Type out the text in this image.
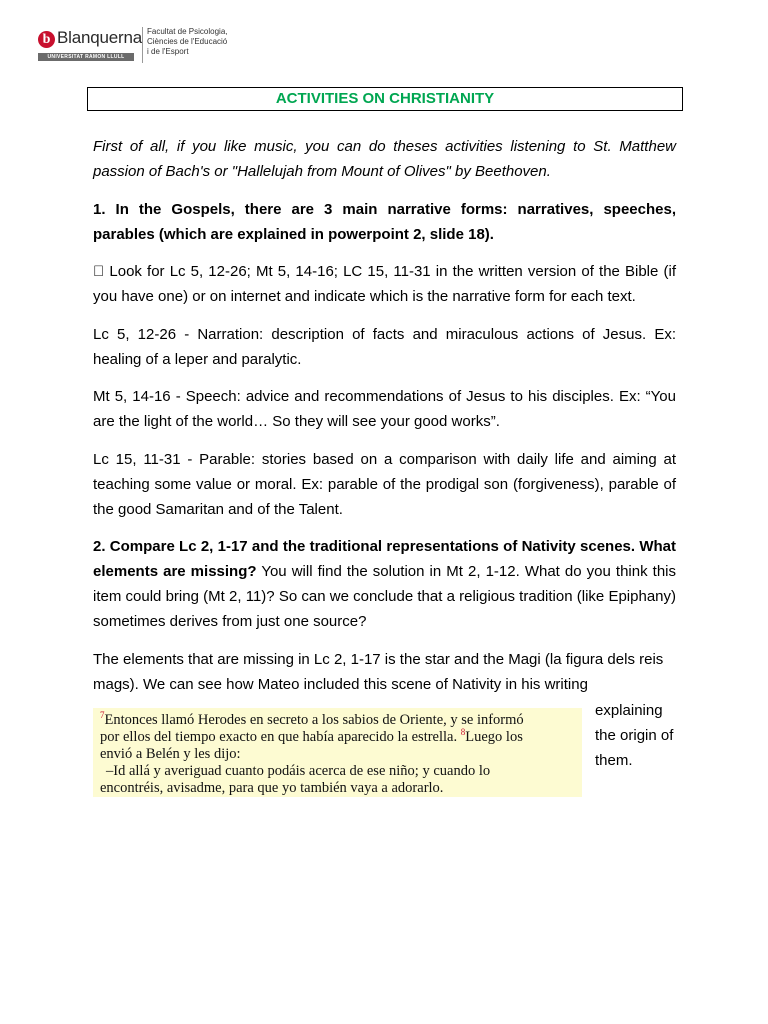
b Blanquerna
UNIVERSITAT RAMON LLULL
Facultat de Psicologia,
Ciències de l'Educació
i de l'Esport
ACTIVITIES ON CHRISTIANITY

First of all, if you like music, you can do theses activities listening to St. Matthew passion of Bach's or "Hallelujah from Mount of Olives" by Beethoven.

1. In the Gospels, there are 3 main narrative forms: narratives, speeches, parables (which are explained in powerpoint 2, slide 18).

Look for Lc 5, 12-26; Mt 5, 14-16; LC 15, 11-31 in the written version of the Bible (if you have one) or on internet and indicate which is the narrative form for each text.

Lc 5, 12-26 - Narration: description of facts and miraculous actions of Jesus. Ex: healing of a leper and paralytic.

Mt 5, 14-16 - Speech: advice and recommendations of Jesus to his disciples. Ex: “You are the light of the world… So they will see your good works”.

Lc 15, 11-31 - Parable: stories based on a comparison with daily life and aiming at teaching some value or moral. Ex: parable of the prodigal son (forgiveness), parable of the good Samaritan and of the Talent.

2. Compare Lc 2, 1-17 and the traditional representations of Nativity scenes. What elements are missing? You will find the solution in Mt 2, 1-12. What do you think this item could bring (Mt 2, 11)? So can we conclude that a religious tradition (like Epiphany) sometimes derives from just one source?

The elements that are missing in Lc 2, 1-17 is the star and the Magi (la figura dels reis mags). We can see how Mateo included this scene of Nativity in his writing

$^7$Entonces llamó Herodes en secreto a los sabios de Oriente, y se informó
por ellos del tiempo exacto en que había aparecido la estrella. $^8$Luego los
envió a Belén y les dijo:
–Id allá y averiguad cuanto podáis acerca de ese niño; y cuando lo
encontréis, avisadme, para que yo también vaya a adorarlo.

explaining
the origin of
them.
